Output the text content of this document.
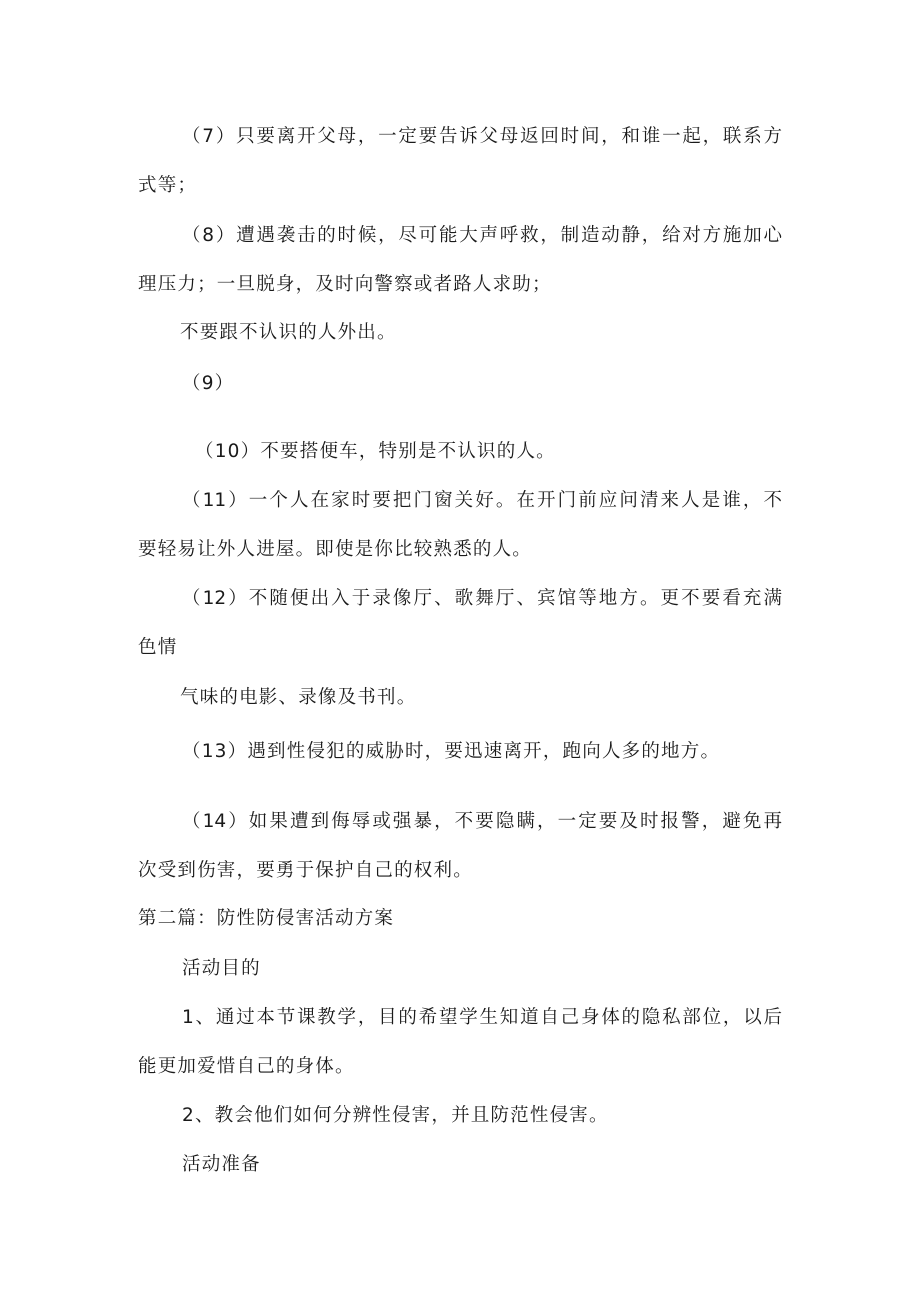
（7）只要离开父母，一定要告诉父母返回时间，和谁一起，联系方
式等；
（8）遭遇袭击的时候，尽可能大声呼救，制造动静，给对方施加心
理压力；一旦脱身，及时向警察或者路人求助；
不要跟不认识的人外出。
（9）
（10）不要搭便车，特别是不认识的人。
（11）一个人在家时要把门窗关好。在开门前应问清来人是谁，不
要轻易让外人进屋。即使是你比较熟悉的人。
（12）不随便出入于录像厅、歌舞厅、宾馆等地方。更不要看充满
色情
气味的电影、录像及书刊。
（13）遇到性侵犯的威胁时，要迅速离开，跑向人多的地方。
（14）如果遭到侮辱或强暴，不要隐瞒，一定要及时报警，避免再
次受到伤害，要勇于保护自己的权利。
第二篇：防性防侵害活动方案
活动目的
1、通过本节课教学，目的希望学生知道自己身体的隐私部位，以后
能更加爱惜自己的身体。
2、教会他们如何分辨性侵害，并且防范性侵害。
活动准备
